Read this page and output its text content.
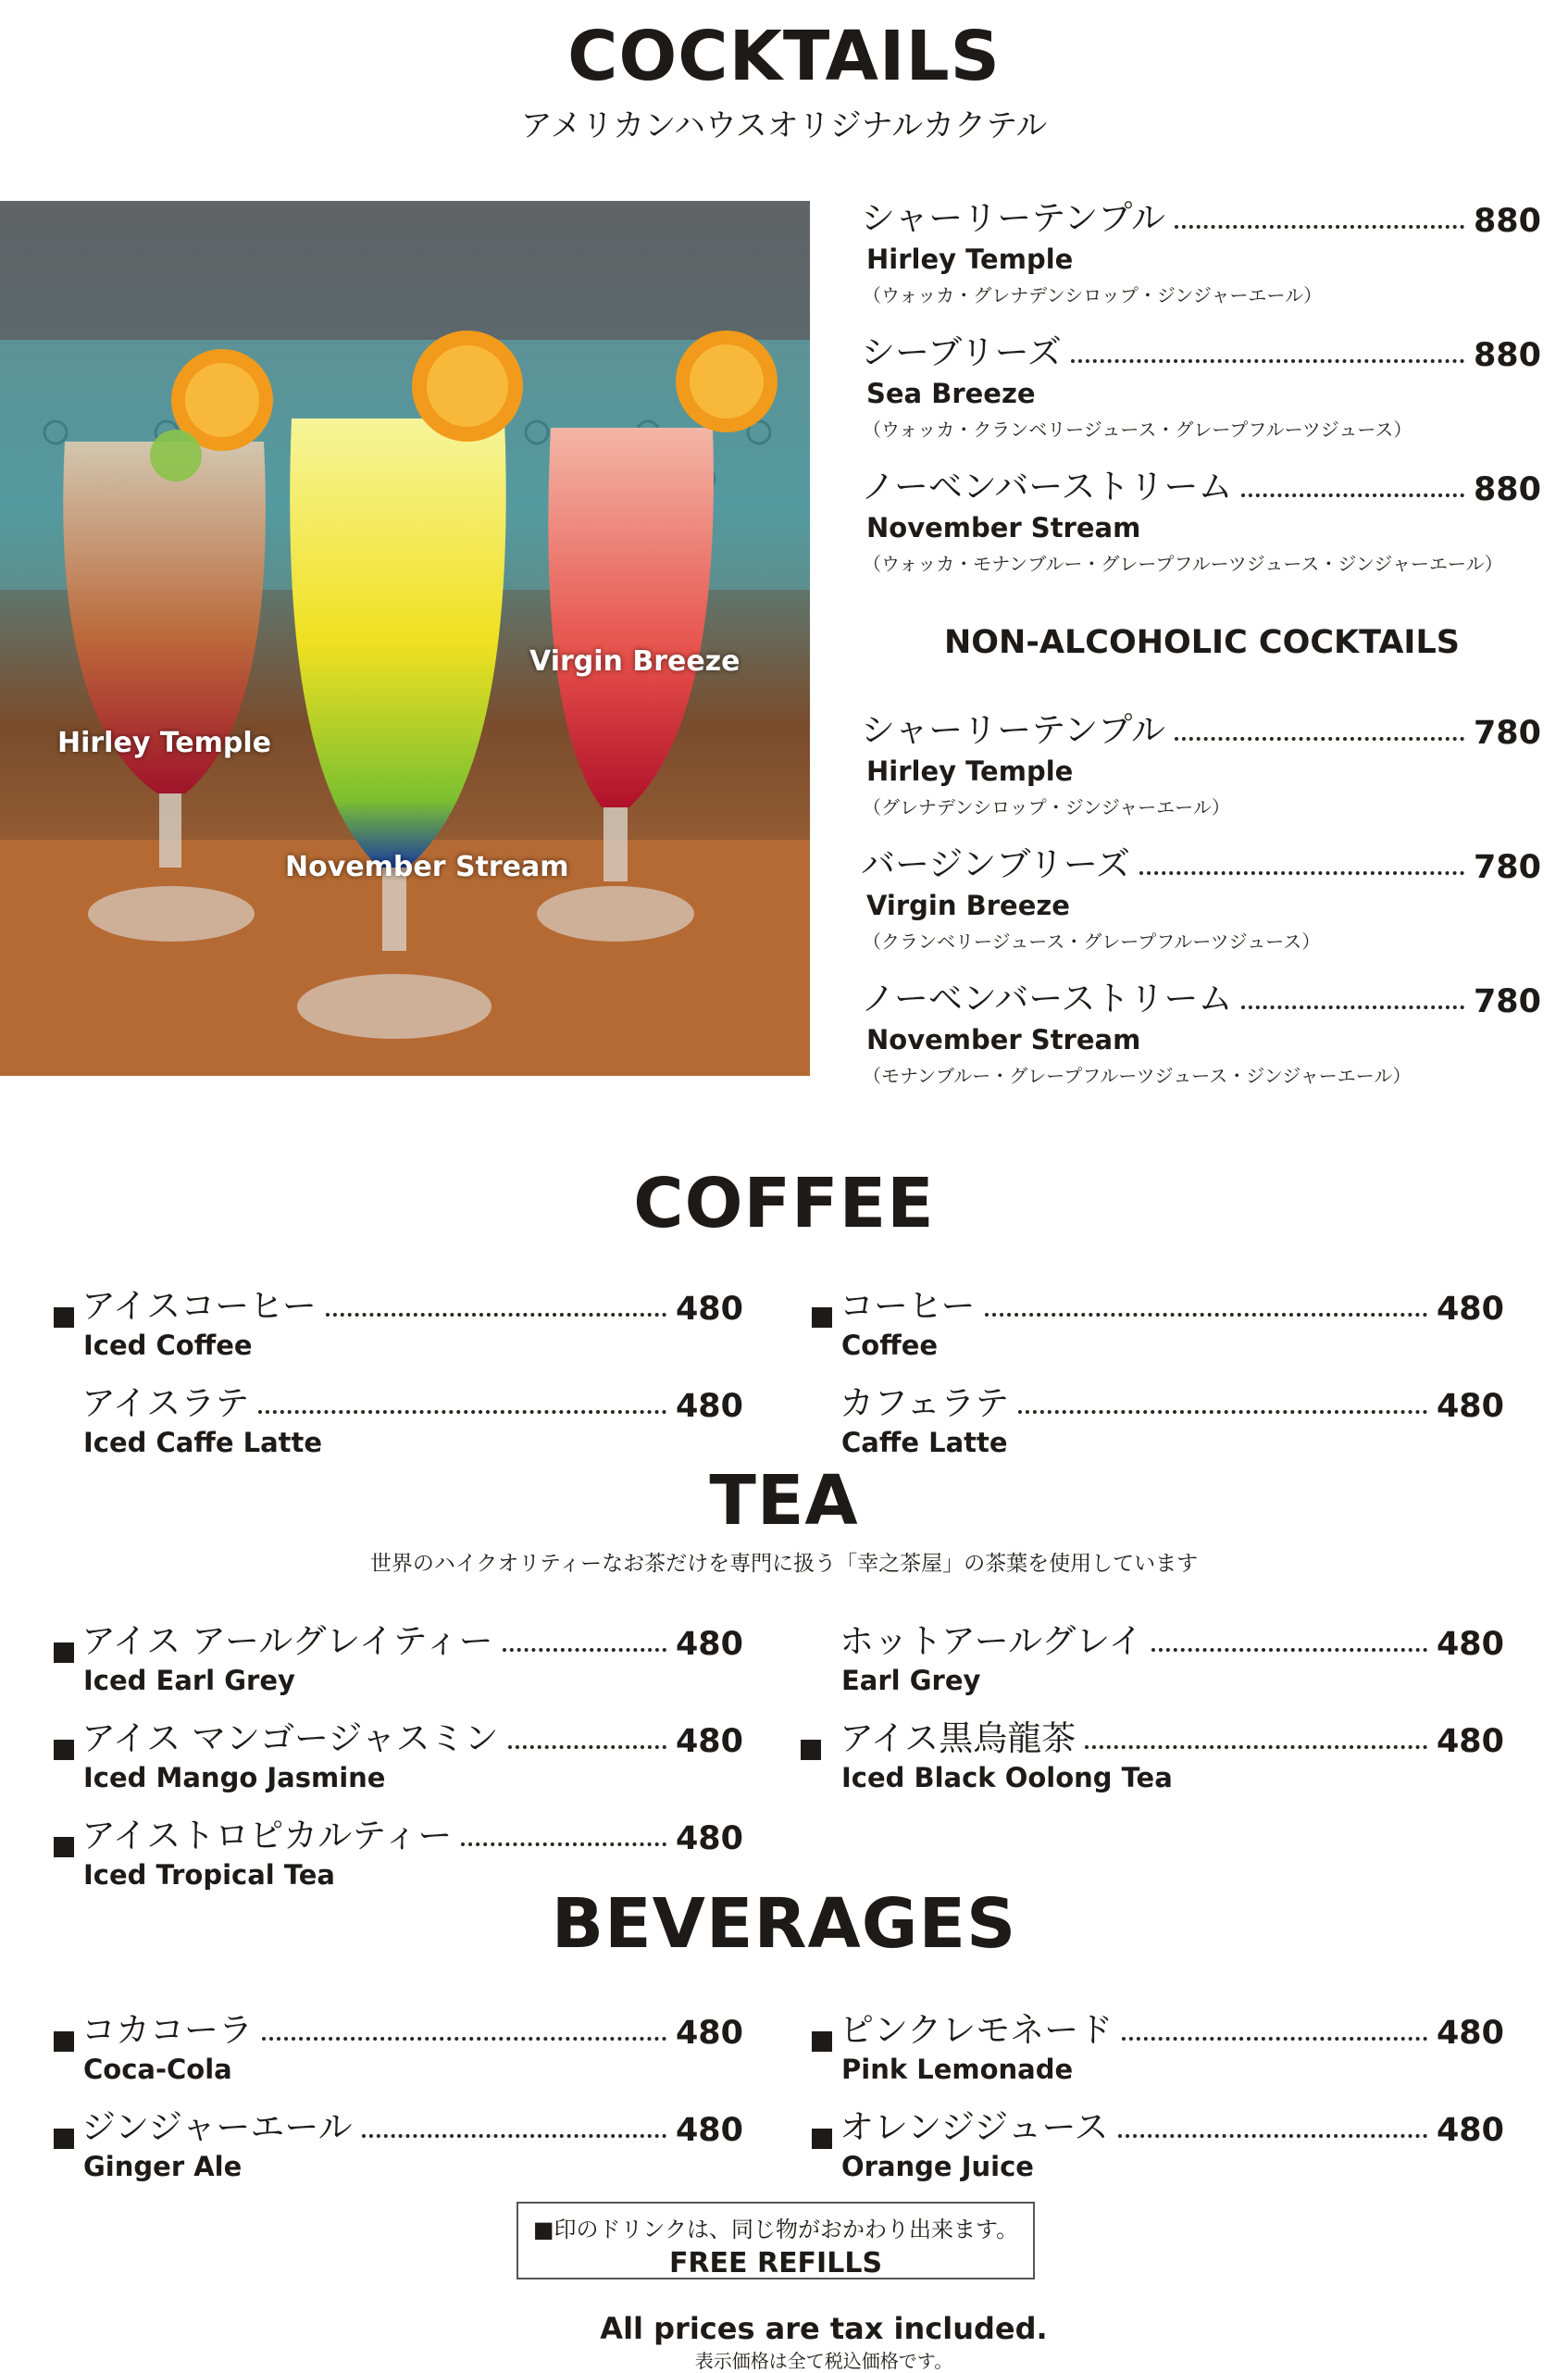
COCKTAILS
アメリカンハウスオリジナルカクテル
Hirley Temple
Virgin Breeze
November Stream
シャーリーテンプル	880
Hirley Temple
（ウォッカ・グレナデンシロップ・ジンジャーエール）
シーブリーズ	880
Sea Breeze
（ウォッカ・クランベリージュース・グレープフルーツジュース）
ノーベンバーストリーム	880
November Stream
（ウォッカ・モナンブルー・グレープフルーツジュース・ジンジャーエール）
NON-ALCOHOLIC COCKTAILS
シャーリーテンプル	780
Hirley Temple
（グレナデンシロップ・ジンジャーエール）
バージンブリーズ	780
Virgin Breeze
（クランベリージュース・グレープフルーツジュース）
ノーベンバーストリーム	780
November Stream
（モナンブルー・グレープフルーツジュース・ジンジャーエール）
COFFEE
アイスコーヒー	480
Iced Coffee
コーヒー	480
Coffee
アイスラテ	480
Iced Caffe Latte
カフェラテ	480
Caffe Latte
TEA
世界のハイクオリティーなお茶だけを専門に扱う「幸之茶屋」の茶葉を使用しています
アイス アールグレイティー	480
Iced Earl Grey
ホットアールグレイ	480
Earl Grey
アイス マンゴージャスミン	480
Iced Mango Jasmine
アイス黒烏龍茶	480
Iced Black Oolong Tea
アイストロピカルティー	480
Iced Tropical Tea
BEVERAGES
コカコーラ	480
Coca-Cola
ピンクレモネード	480
Pink Lemonade
ジンジャーエール	480
Ginger Ale
オレンジジュース	480
Orange Juice
■印のドリンクは、同じ物がおかわり出来ます。
FREE REFILLS
All prices are tax included.
表示価格は全て税込価格です。
